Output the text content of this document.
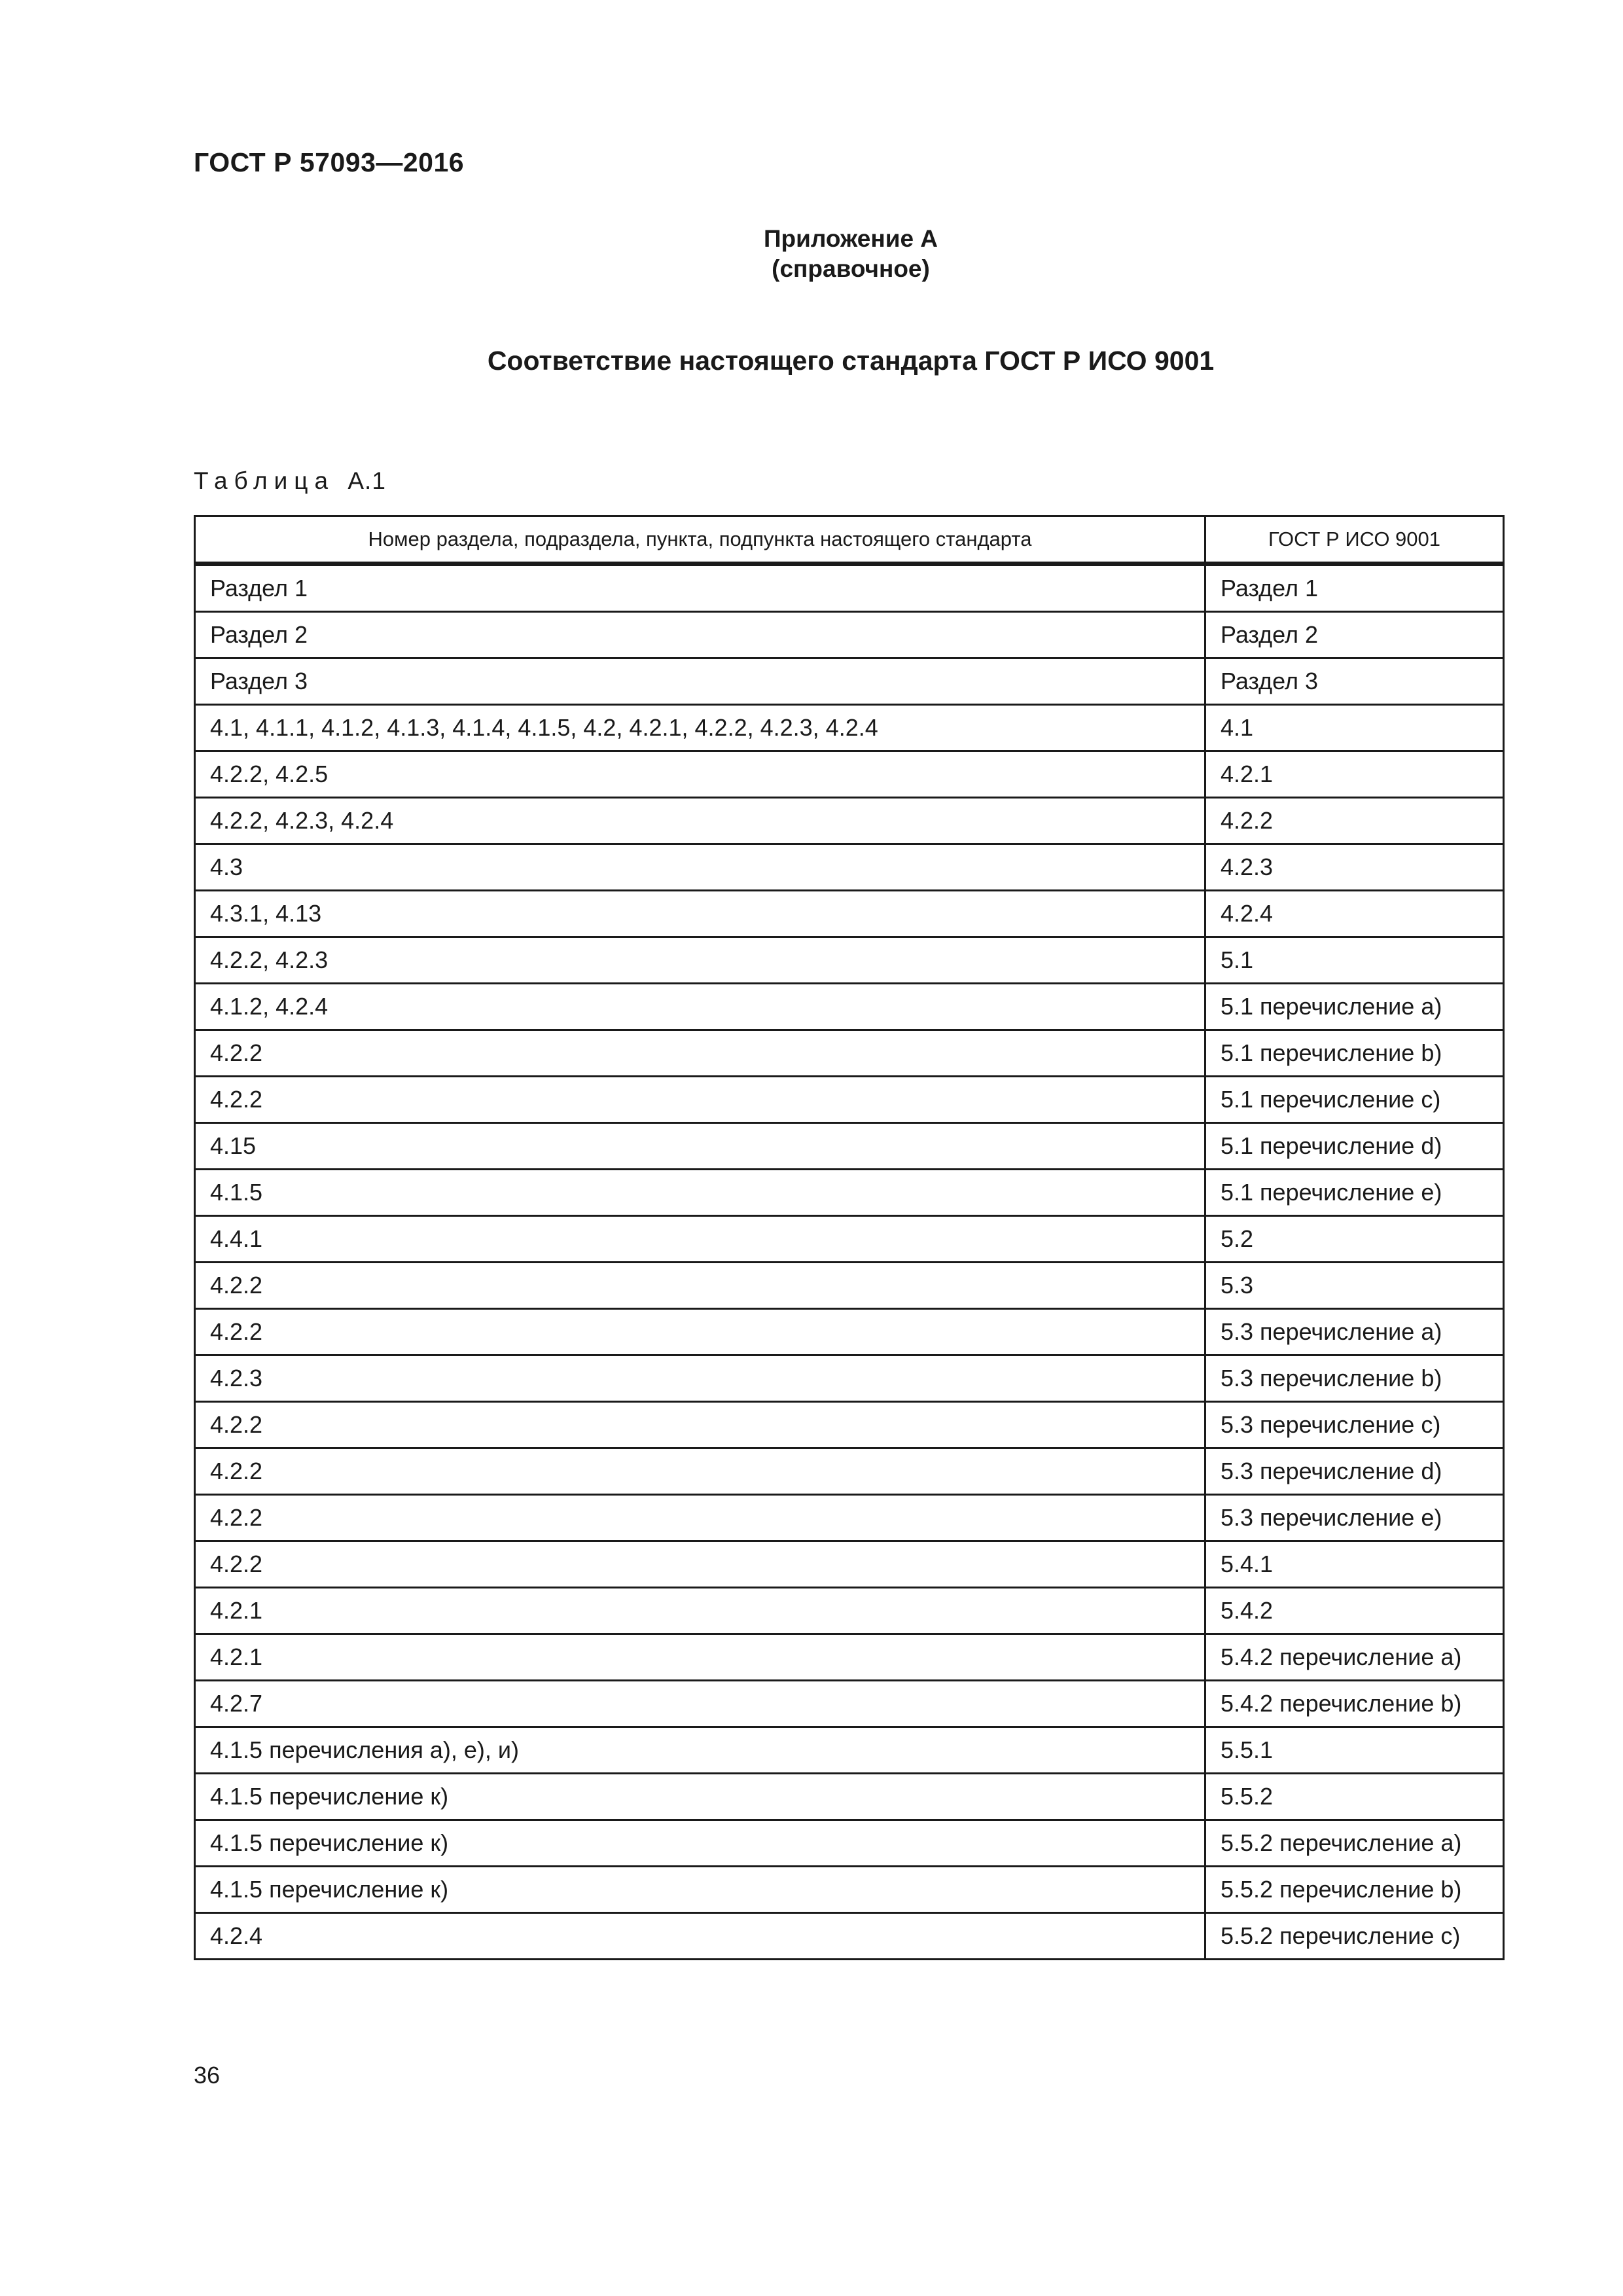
ГОСТ Р 57093—2016
Приложение А
(справочное)
Соответствие настоящего стандарта ГОСТ Р ИСО 9001
Таблица А.1
Номер раздела, подраздела, пункта, подпункта настоящего стандарта	ГОСТ Р ИСО 9001
Раздел 1	Раздел 1
Раздел 2	Раздел 2
Раздел 3	Раздел 3
4.1, 4.1.1, 4.1.2, 4.1.3, 4.1.4, 4.1.5, 4.2, 4.2.1, 4.2.2, 4.2.3, 4.2.4	4.1
4.2.2, 4.2.5	4.2.1
4.2.2, 4.2.3, 4.2.4	4.2.2
4.3	4.2.3
4.3.1, 4.13	4.2.4
4.2.2, 4.2.3	5.1
4.1.2, 4.2.4	5.1 перечисление а)
4.2.2	5.1 перечисление b)
4.2.2	5.1 перечисление с)
4.15	5.1 перечисление d)
4.1.5	5.1 перечисление е)
4.4.1	5.2
4.2.2	5.3
4.2.2	5.3 перечисление а)
4.2.3	5.3 перечисление b)
4.2.2	5.3 перечисление с)
4.2.2	5.3 перечисление d)
4.2.2	5.3 перечисление е)
4.2.2	5.4.1
4.2.1	5.4.2
4.2.1	5.4.2 перечисление а)
4.2.7	5.4.2 перечисление b)
4.1.5 перечисления а), е), и)	5.5.1
4.1.5 перечисление к)	5.5.2
4.1.5 перечисление к)	5.5.2 перечисление а)
4.1.5 перечисление к)	5.5.2 перечисление b)
4.2.4	5.5.2 перечисление с)
36
